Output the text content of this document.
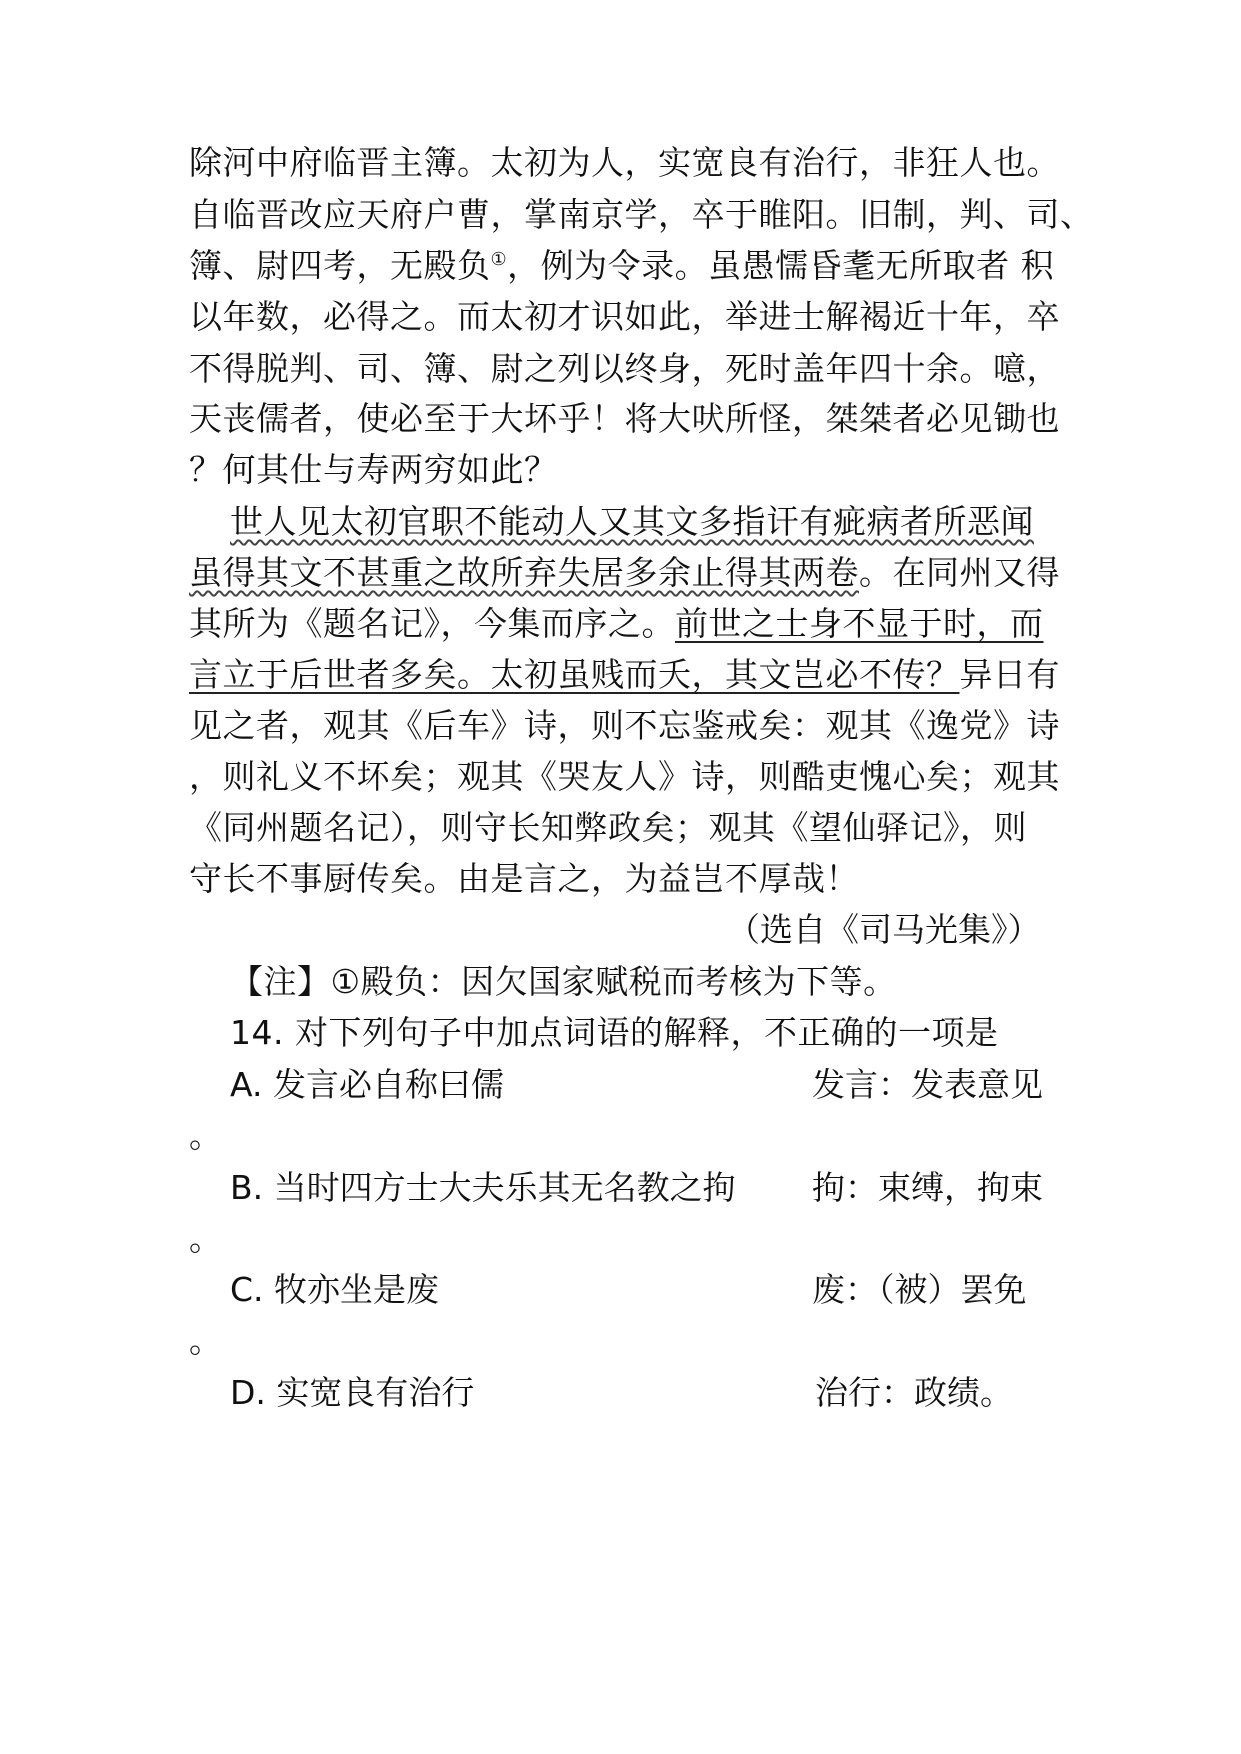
除河中府临晋主簿。太初为人，实宽良有治行，非狂人也。
自临晋改应天府户曹，掌南京学，卒于睢阳。旧制，判、司、
簿、尉四考，无殿负①，例为令录。虽愚懦昏耄无所取者 积
以年数，必得之。而太初才识如此，举进士解褐近十年，卒
不得脱判、司、簿、尉之列以终身，死时盖年四十余。噫，
天丧儒者，使必至于大坏乎！将大吠所怪，桀桀者必见锄也
？何其仕与寿两穷如此？
世人见太初官职不能动人又其文多指讦有疵病者所恶闻
虽得其文不甚重之故所弃失居多余止得其两卷。在同州又得
其所为《题名记》，今集而序之。前世之士身不显于时，而
言立于后世者多矣。太初虽贱而夭，其文岂必不传？异日有
见之者，观其《后车》诗，则不忘鉴戒矣：观其《逸党》诗
，则礼义不坏矣；观其《哭友人》诗，则酷吏愧心矣；观其
《同州题名记），则守长知弊政矣；观其《望仙驿记》，则
守长不事厨传矣。由是言之，为益岂不厚哉！
（选自《司马光集》）
【注】①殿负：因欠国家赋税而考核为下等。
14. 对下列句子中加点词语的解释，不正确的一项是
A. 发言必自称曰儒	发言：发表意见
。
B. 当时四方士大夫乐其无名教之拘 拘：束缚，拘束
。
C. 牧亦坐是废	废：（被）罢免
。
D. 实宽良有治行	治行：政绩。
